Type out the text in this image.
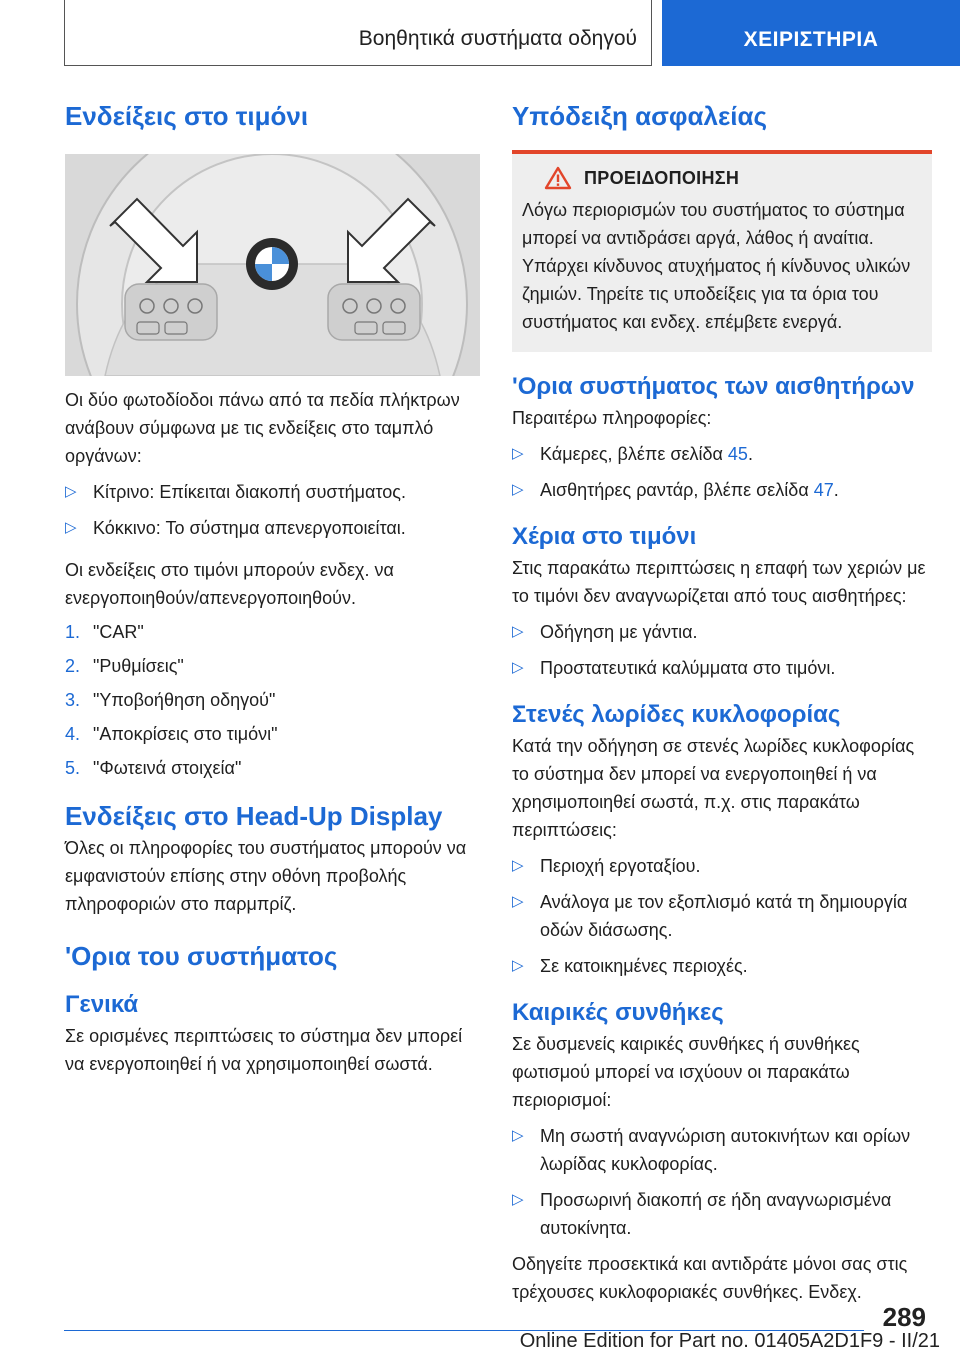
Βοηθητικά συστήματα οδηγού	ΧΕΙΡΙΣΤΗΡΙΑ
Ενδείξεις στο τιμόνι

Οι δύο φωτοδίοδοι πάνω από τα πεδία πλήκτρων ανάβουν σύμφωνα με τις ενδείξεις στο ταμπλό οργάνων:

▷ Κίτρινο: Επίκειται διακοπή συστήματος.
▷ Κόκκινο: Το σύστημα απενεργοποιείται.

Οι ενδείξεις στο τιμόνι μπορούν ενδεχ. να ενεργοποιηθούν/απενεργοποιηθούν.

1. "CAR"
2. "Ρυθμίσεις"
3. "Υποβοήθηση οδηγού"
4. "Αποκρίσεις στο τιμόνι"
5. "Φωτεινά στοιχεία"
Ενδείξεις στο Head-Up Display

Όλες οι πληροφορίες του συστήματος μπορούν να εμφανιστούν επίσης στην οθόνη προβολής πληροφοριών στο παρμπρίζ.

'Ορια του συστήματος
Γενικά

Σε ορισμένες περιπτώσεις το σύστημα δεν μπορεί να ενεργοποιηθεί ή να χρησιμοποιηθεί σωστά.

Υπόδειξη ασφαλείας
ΠΡΟΕΙΔΟΠΟΙΗΣΗ

Λόγω περιορισμών του συστήματος το σύστημα μπορεί να αντιδράσει αργά, λάθος ή αναίτια. Υπάρχει κίνδυνος ατυχήματος ή κίνδυνος υλικών ζημιών. Τηρείτε τις υποδείξεις για τα όρια του συστήματος και ενδεχ. επέμβετε ενεργά.

'Ορια συστήματος των αισθητήρων

Περαιτέρω πληροφορίες:

▷ Κάμερες, βλέπε σελίδα 45.
▷ Αισθητήρες ραντάρ, βλέπε σελίδα 47.
Χέρια στο τιμόνι

Στις παρακάτω περιπτώσεις η επαφή των χεριών με το τιμόνι δεν αναγνωρίζεται από τους αισθητήρες:

▷ Οδήγηση με γάντια.
▷ Προστατευτικά καλύμματα στο τιμόνι.
Στενές λωρίδες κυκλοφορίας

Κατά την οδήγηση σε στενές λωρίδες κυκλοφορίας το σύστημα δεν μπορεί να ενεργοποιηθεί ή να χρησιμοποιηθεί σωστά, π.χ. στις παρακάτω περιπτώσεις:

▷ Περιοχή εργοταξίου.
▷ Ανάλογα με τον εξοπλισμό κατά τη δημιουργία οδών διάσωσης.
▷ Σε κατοικημένες περιοχές.
Καιρικές συνθήκες

Σε δυσμενείς καιρικές συνθήκες ή συνθήκες φωτισμού μπορεί να ισχύουν οι παρακάτω περιορισμοί:

▷ Μη σωστή αναγνώριση αυτοκινήτων και ορίων λωρίδας κυκλοφορίας.
▷ Προσωρινή διακοπή σε ήδη αναγνωρισμένα αυτοκίνητα.

Οδηγείτε προσεκτικά και αντιδράτε μόνοι σας στις τρέχουσες κυκλοφοριακές συνθήκες. Ενδεχ.

289
Online Edition for Part no. 01405A2D1F9 - II/21
